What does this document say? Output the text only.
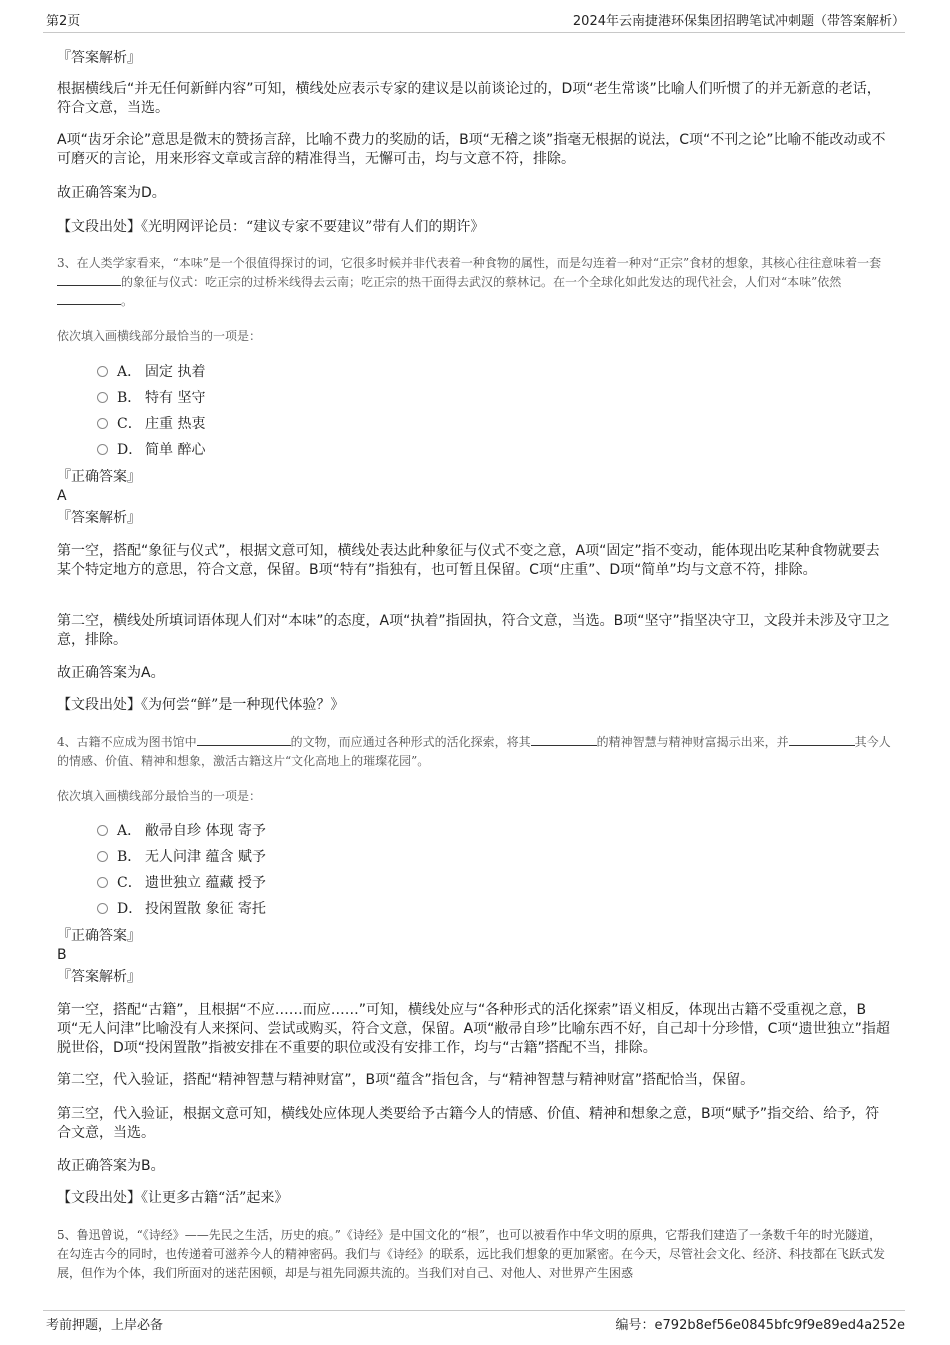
第2页	2024年云南捷港环保集团招聘笔试冲刺题（带答案解析）
『答案解析』
根据横线后“并无任何新鲜内容”可知，横线处应表示专家的建议是以前谈论过的，D项“老生常谈”比喻人们听惯了的并无新意的老话，符合文意，当选。
A项“齿牙余论”意思是微末的赞扬言辞，比喻不费力的奖励的话，B项“无稽之谈”指毫无根据的说法，C项“不刊之论”比喻不能改动或不可磨灭的言论，用来形容文章或言辞的精准得当，无懈可击，均与文意不符，排除。
故正确答案为D。
【文段出处】《光明网评论员：“建议专家不要建议”带有人们的期许》
3、在人类学家看来，“本味”是一个很值得探讨的词，它很多时候并非代表着一种食物的属性，而是勾连着一种对“正宗”食材的想象，其核心往往意味着一套的象征与仪式：吃正宗的过桥米线得去云南；吃正宗的热干面得去武汉的蔡林记。在一个全球化如此发达的现代社会，人们对“本味”依然。
依次填入画横线部分最恰当的一项是：
A． 固定 执着
B． 特有 坚守
C． 庄重 热衷
D． 简单 醉心
『正确答案』
A
『答案解析』
第一空，搭配“象征与仪式”，根据文意可知，横线处表达此种象征与仪式不变之意，A项“固定”指不变动，能体现出吃某种食物就要去某个特定地方的意思，符合文意，保留。B项“特有”指独有，也可暂且保留。C项“庄重”、D项“简单”均与文意不符，排除。
第二空，横线处所填词语体现人们对“本味”的态度，A项“执着”指固执，符合文意，当选。B项“坚守”指坚决守卫，文段并未涉及守卫之意，排除。
故正确答案为A。
【文段出处】《为何尝“鲜”是一种现代体验？》
4、古籍不应成为图书馆中	的文物，而应通过各种形式的活化探索，将其	的精神智慧与精神财富揭示出来，并	其今人的情感、价值、精神和想象，激活古籍这片“文化高地上的璀璨花园”。
依次填入画横线部分最恰当的一项是：
A． 敝帚自珍 体现 寄予
B． 无人问津 蕴含 赋予
C． 遗世独立 蕴藏 授予
D． 投闲置散 象征 寄托
『正确答案』
B
『答案解析』
第一空，搭配“古籍”，且根据“不应……而应……”可知，横线处应与“各种形式的活化探索”语义相反，体现出古籍不受重视之意，B项“无人问津”比喻没有人来探问、尝试或购买，符合文意，保留。A项“敝帚自珍”比喻东西不好，自己却十分珍惜，C项“遗世独立”指超脱世俗，D项“投闲置散”指被安排在不重要的职位或没有安排工作，均与“古籍”搭配不当，排除。
第二空，代入验证，搭配“精神智慧与精神财富”，B项“蕴含”指包含，与“精神智慧与精神财富”搭配恰当，保留。
第三空，代入验证，根据文意可知，横线处应体现人类要给予古籍今人的情感、价值、精神和想象之意，B项“赋予”指交给、给予，符合文意，当选。
故正确答案为B。
【文段出处】《让更多古籍“活”起来》
5、鲁迅曾说，“《诗经》——先民之生活，历史的痕。”《诗经》是中国文化的“根”，也可以被看作中华文明的原典，它帮我们建造了一条数千年的时光隧道，在勾连古今的同时，也传递着可滋养今人的精神密码。我们与《诗经》的联系，远比我们想象的更加紧密。在今天，尽管社会文化、经济、科技都在飞跃式发展，但作为个体，我们所面对的迷茫困顿，却是与祖先同源共流的。当我们对自己、对他人、对世界产生困惑
考前押题，上岸必备	编号：e792b8ef56e0845bfc9f9e89ed4a252e
